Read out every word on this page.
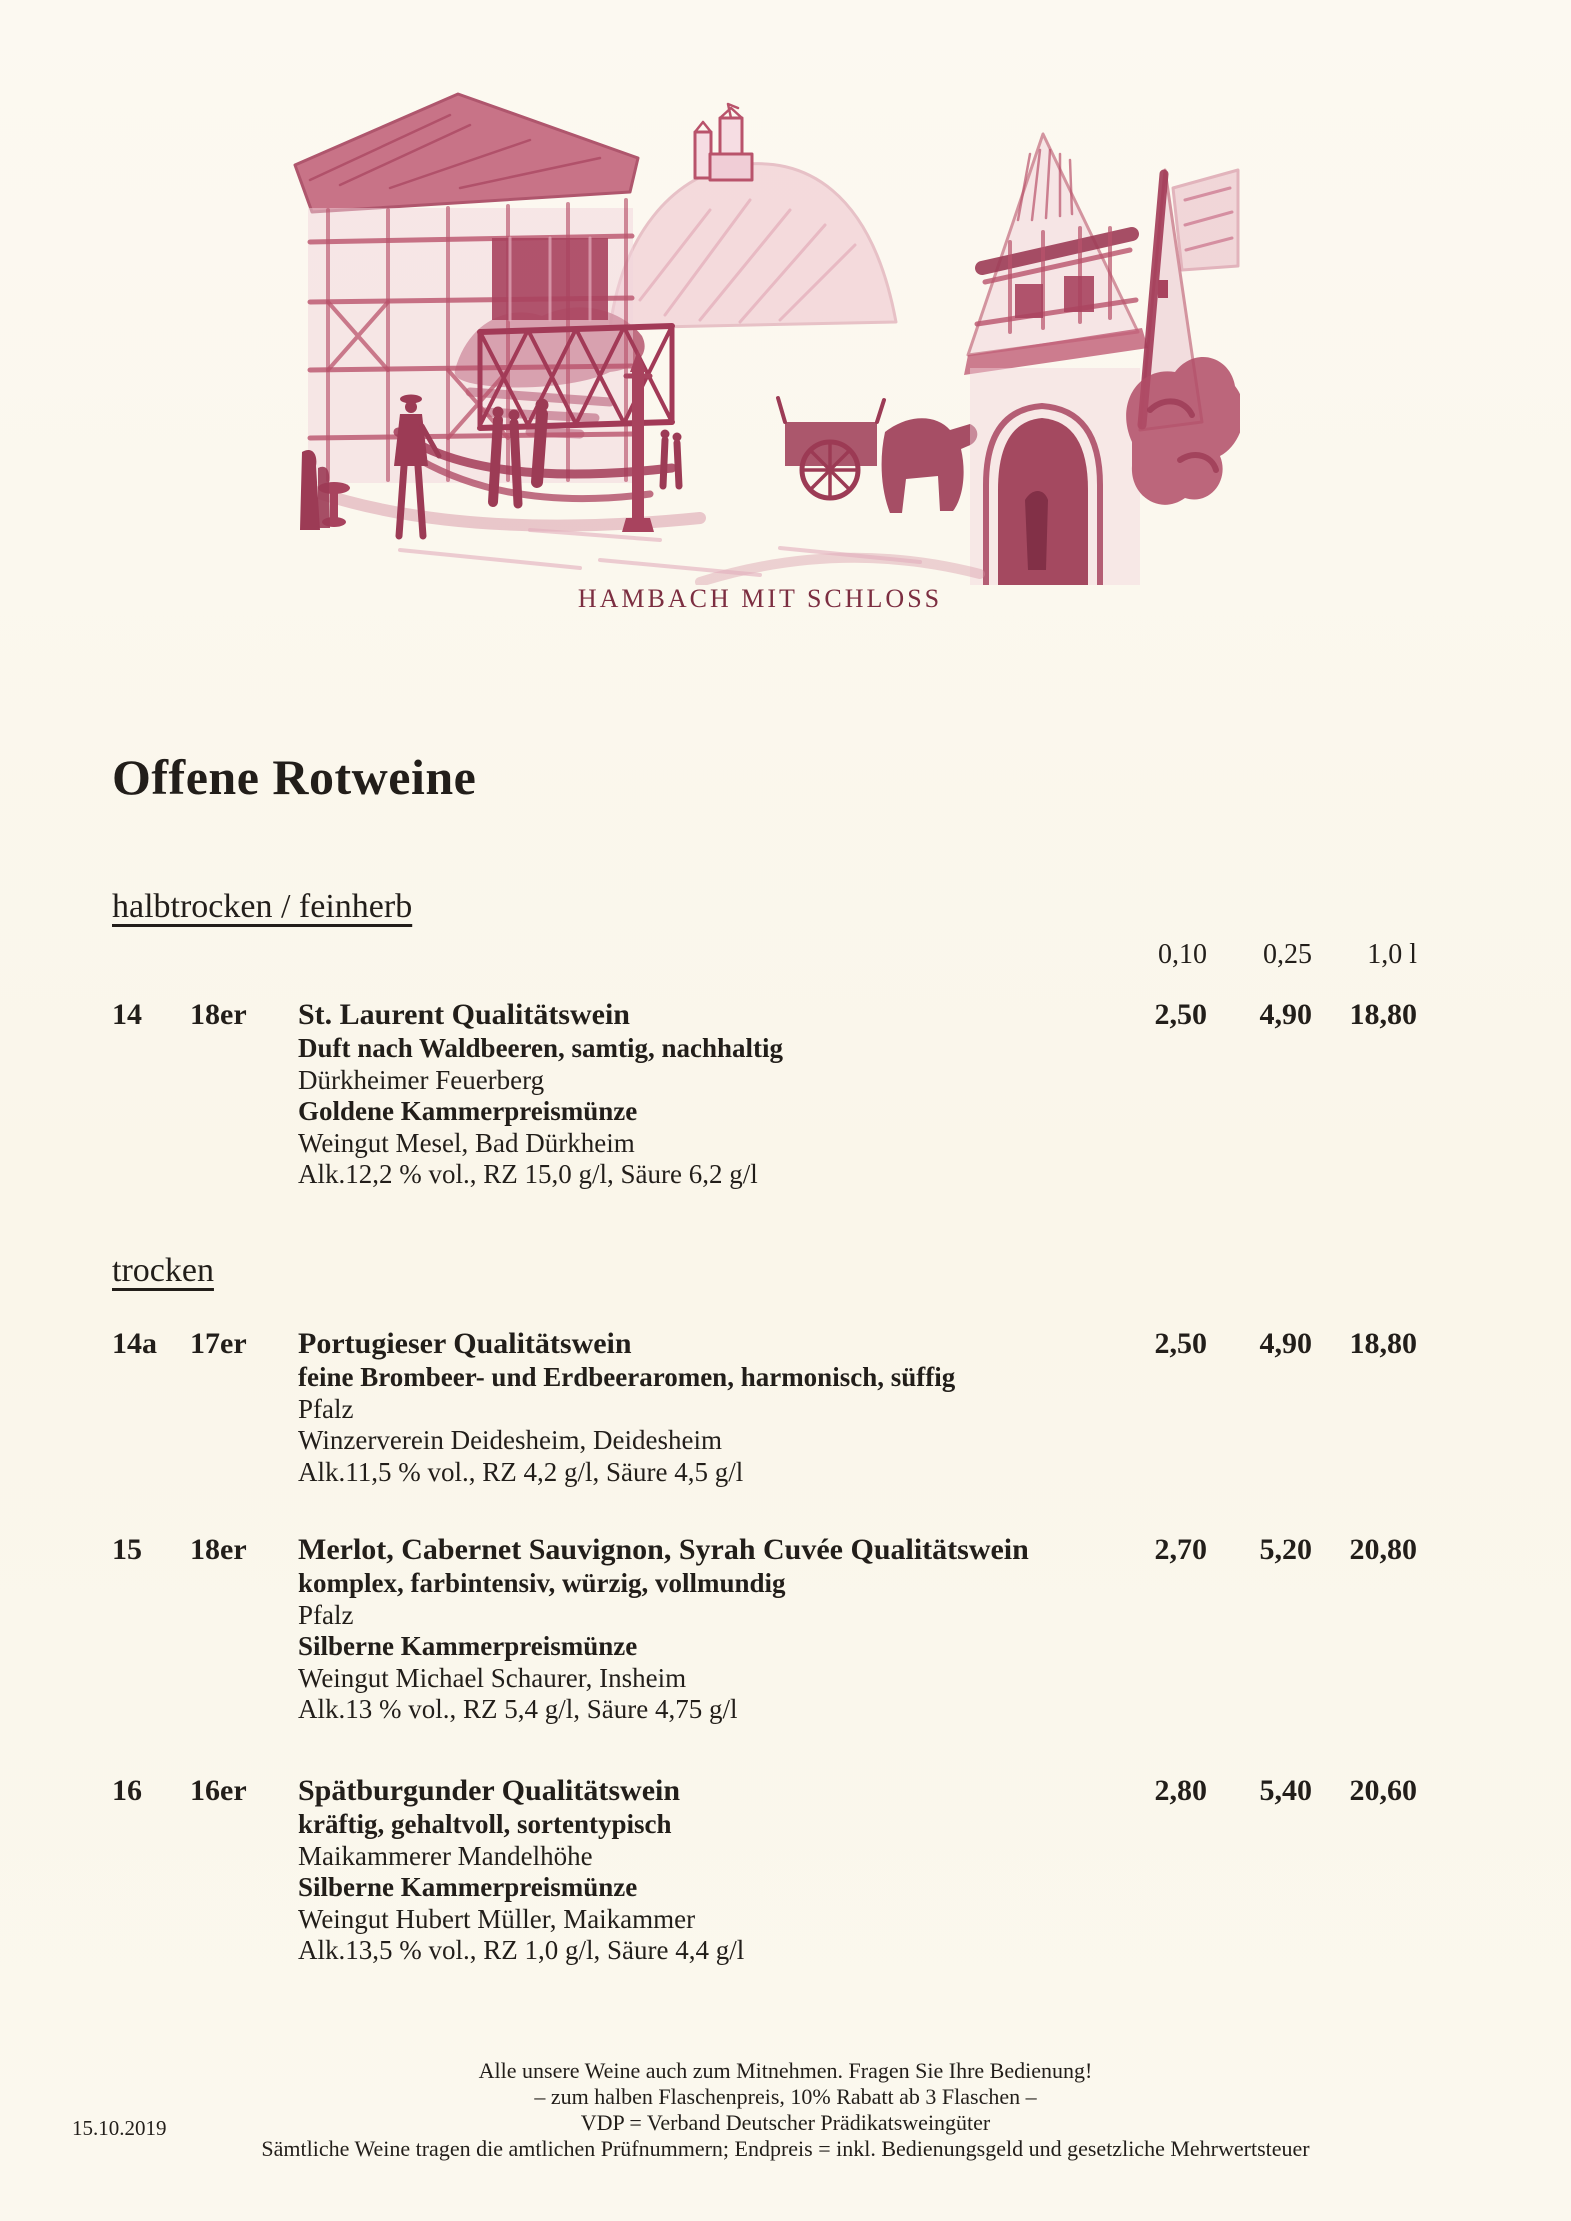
HAMBACH MIT SCHLOSS
Offene Rotweine
halbtrocken / feinherb
0,10	0,25	1,0 l
14	18er	St. Laurent Qualitätswein	2,50	4,90	18,80
Duft nach Waldbeeren, samtig, nachhaltig
Dürkheimer Feuerberg
Goldene Kammerpreismünze
Weingut Mesel, Bad Dürkheim
Alk.12,2 % vol., RZ 15,0 g/l, Säure 6,2 g/l
trocken
14a	17er	Portugieser Qualitätswein	2,50	4,90	18,80
feine Brombeer- und Erdbeeraromen, harmonisch, süffig
Pfalz
Winzerverein Deidesheim, Deidesheim
Alk.11,5 % vol., RZ 4,2 g/l, Säure 4,5 g/l
15	18er	Merlot, Cabernet Sauvignon, Syrah Cuvée Qualitätswein	2,70	5,20	20,80
komplex, farbintensiv, würzig, vollmundig
Pfalz
Silberne Kammerpreismünze
Weingut Michael Schaurer, Insheim
Alk.13 % vol., RZ 5,4 g/l, Säure 4,75 g/l
16	16er	Spätburgunder Qualitätswein	2,80	5,40	20,60
kräftig, gehaltvoll, sortentypisch
Maikammerer Mandelhöhe
Silberne Kammerpreismünze
Weingut Hubert Müller, Maikammer
Alk.13,5 % vol., RZ 1,0 g/l, Säure 4,4 g/l
Alle unsere Weine auch zum Mitnehmen. Fragen Sie Ihre Bedienung!
– zum halben Flaschenpreis, 10% Rabatt ab 3 Flaschen –
VDP = Verband Deutscher Prädikatsweingüter
Sämtliche Weine tragen die amtlichen Prüfnummern; Endpreis = inkl. Bedienungsgeld und gesetzliche Mehrwertsteuer
15.10.2019
